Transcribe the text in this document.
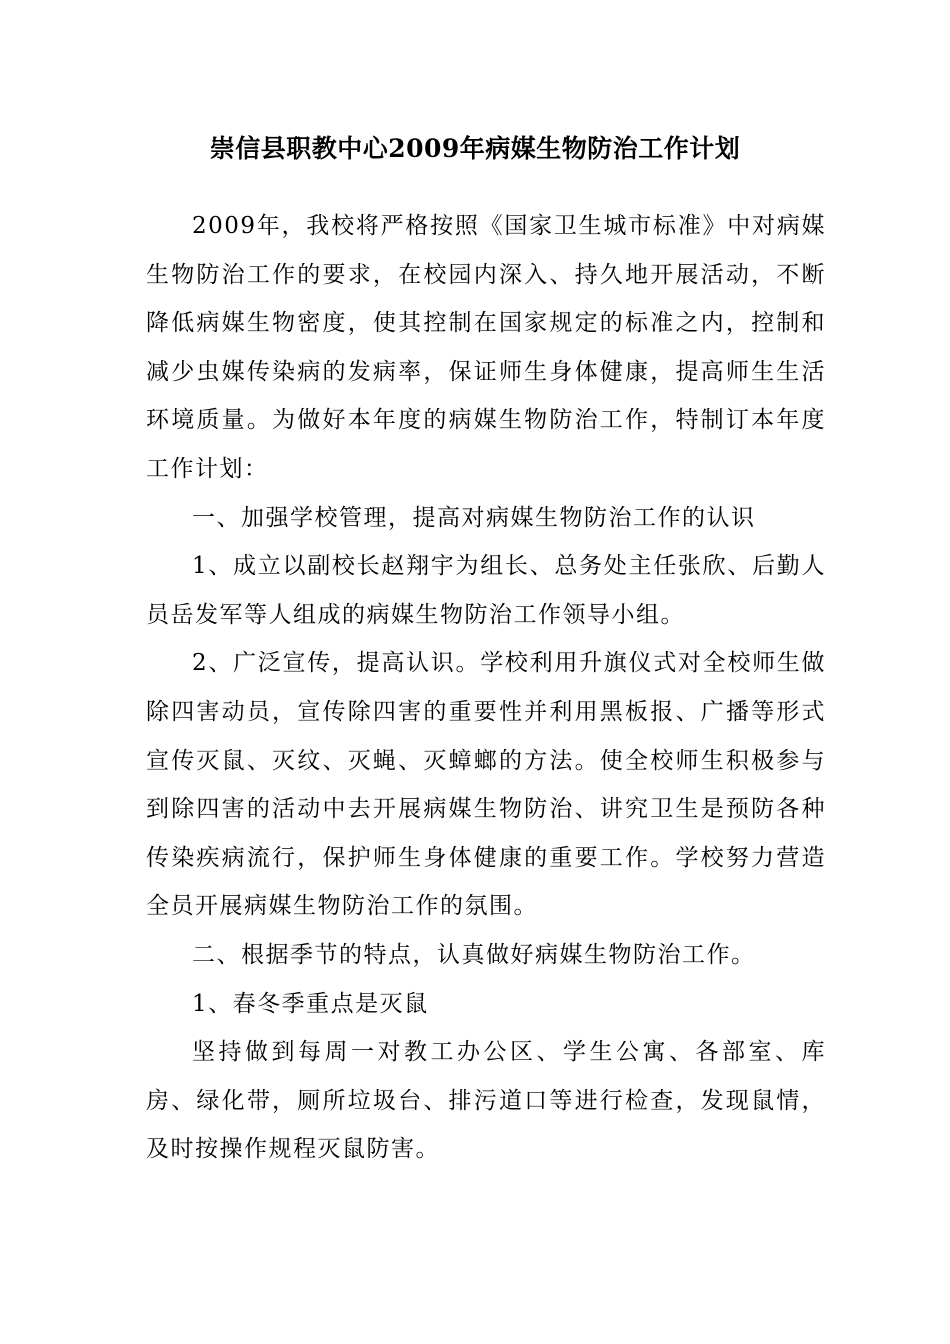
崇信县职教中心2009年病媒生物防治工作计划

2009年，我校将严格按照《国家卫生城市标准》中对病媒生物防治工作的要求，在校园内深入、持久地开展活动，不断降低病媒生物密度，使其控制在国家规定的标准之内，控制和减少虫媒传染病的发病率，保证师生身体健康，提高师生生活环境质量。为做好本年度的病媒生物防治工作，特制订本年度工作计划：

一、加强学校管理，提高对病媒生物防治工作的认识

1、成立以副校长赵翔宇为组长、总务处主任张欣、后勤人员岳发军等人组成的病媒生物防治工作领导小组。

2、广泛宣传，提高认识。学校利用升旗仪式对全校师生做除四害动员，宣传除四害的重要性并利用黑板报、广播等形式宣传灭鼠、灭纹、灭蝇、灭蟑螂的方法。使全校师生积极参与到除四害的活动中去开展病媒生物防治、讲究卫生是预防各种传染疾病流行，保护师生身体健康的重要工作。学校努力营造全员开展病媒生物防治工作的氛围。

二、根据季节的特点，认真做好病媒生物防治工作。

1、春冬季重点是灭鼠

坚持做到每周一对教工办公区、学生公寓、各部室、库房、绿化带，厕所垃圾台、排污道口等进行检查，发现鼠情，及时按操作规程灭鼠防害。
